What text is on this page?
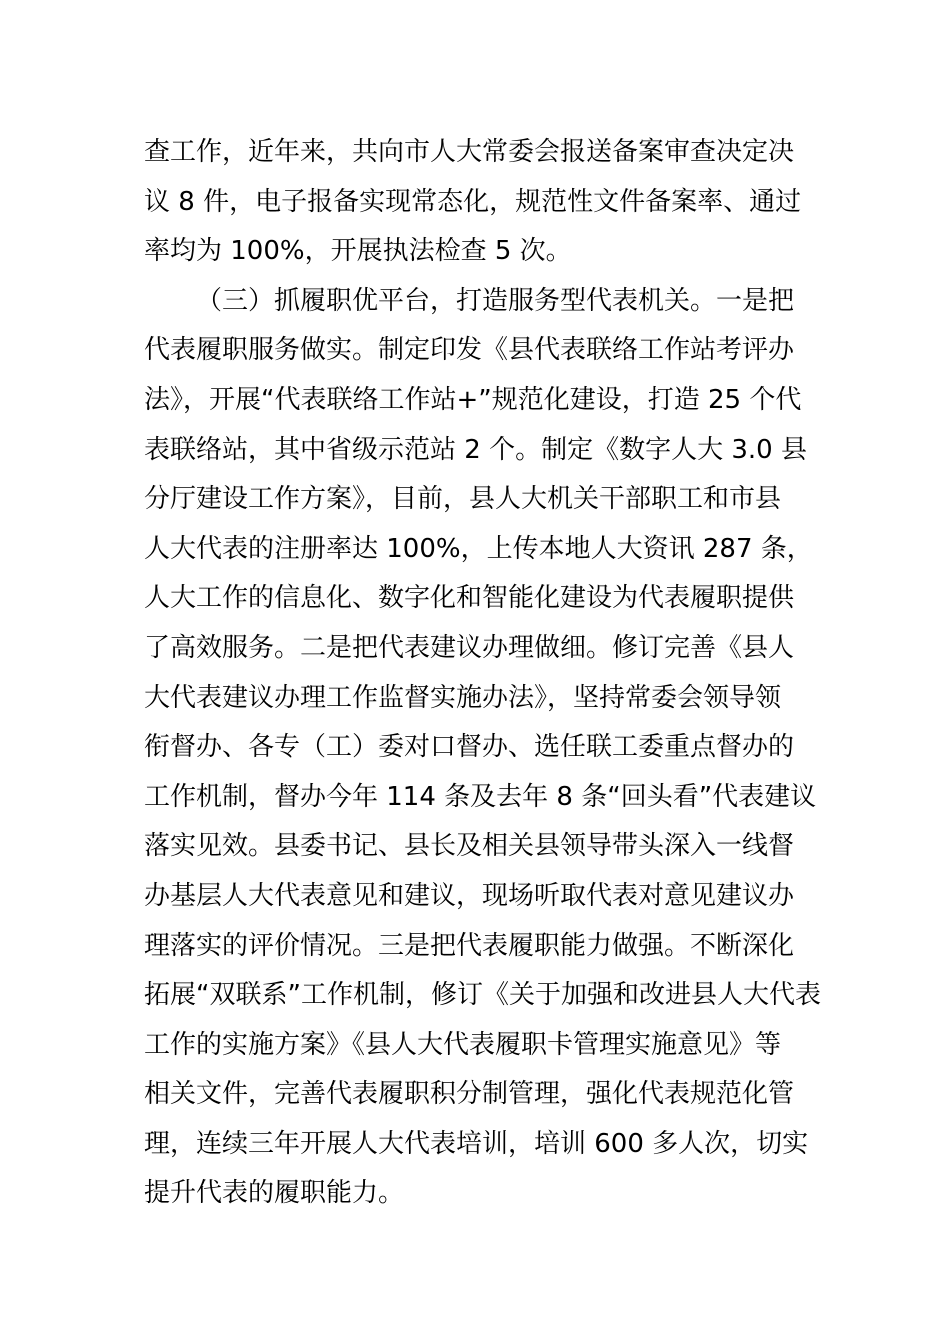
查工作，近年来，共向市人大常委会报送备案审查决定决
议 8 件，电子报备实现常态化，规范性文件备案率、通过
率均为 100%，开展执法检查 5 次。
（三）抓履职优平台，打造服务型代表机关。一是把
代表履职服务做实。制定印发《县代表联络工作站考评办
法》，开展“代表联络工作站+”规范化建设，打造 25 个代
表联络站，其中省级示范站 2 个。制定《数字人大 3.0 县
分厅建设工作方案》，目前，县人大机关干部职工和市县
人大代表的注册率达 100%，上传本地人大资讯 287 条，
人大工作的信息化、数字化和智能化建设为代表履职提供
了高效服务。二是把代表建议办理做细。修订完善《县人
大代表建议办理工作监督实施办法》，坚持常委会领导领
衔督办、各专（工）委对口督办、选任联工委重点督办的
工作机制，督办今年 114 条及去年 8 条“回头看”代表建议
落实见效。县委书记、县长及相关县领导带头深入一线督
办基层人大代表意见和建议，现场听取代表对意见建议办
理落实的评价情况。三是把代表履职能力做强。不断深化
拓展“双联系”工作机制，修订《关于加强和改进县人大代表
工作的实施方案》《县人大代表履职卡管理实施意见》等
相关文件，完善代表履职积分制管理，强化代表规范化管
理，连续三年开展人大代表培训，培训 600 多人次，切实
提升代表的履职能力。
